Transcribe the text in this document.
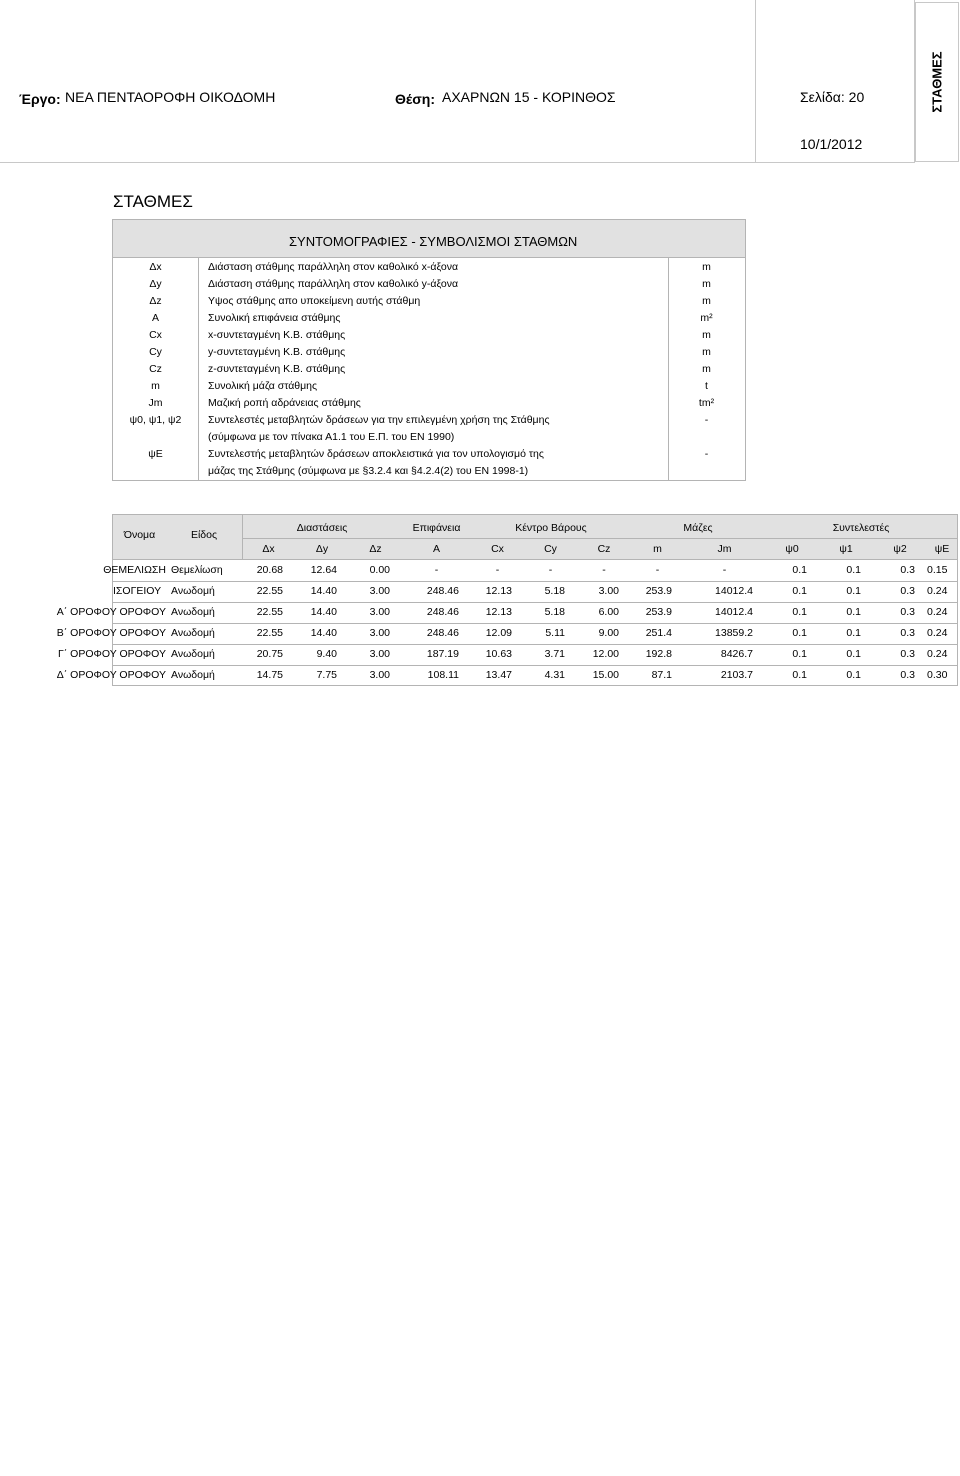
Έργο: ΝΕΑ ΠΕΝΤΑΟΡΟΦΗ ΟΙΚΟΔΟΜΗ	Θέση: ΑΧΑΡΝΩΝ 15 - ΚΟΡΙΝΘΟΣ	Σελίδα: 20
10/1/2012
ΣΤΑΘΜΕΣ
ΣΤΑΘΜΕΣ
ΣΥΝΤΟΜΟΓΡΑΦΙΕΣ - ΣΥΜΒΟΛΙΣΜΟΙ ΣΤΑΘΜΩΝ
Δx	Διάσταση στάθμης παράλληλη στον καθολικό x-άξονα	m
Δy	Διάσταση στάθμης παράλληλη στον καθολικό y-άξονα	m
Δz	Υψος στάθμης απο υποκείμενη αυτής στάθμη	m
A	Συνολική επιφάνεια στάθμης	m²
Cx	x-συντεταγμένη Κ.Β. στάθμης	m
Cy	y-συντεταγμένη Κ.Β. στάθμης	m
Cz	z-συντεταγμένη Κ.Β. στάθμης	m
m	Συνολική μάζα στάθμης	t
Jm	Μαζική ροπή αδράνειας στάθμης	tm²
ψ0, ψ1, ψ2	Συντελεστές μεταβλητών δράσεων για την επιλεγμένη χρήση της Στάθμης	-
(σύμφωνα με τον πίνακα Α1.1 του Ε.Π. του ΕΝ 1990)
ψE	Συντελεστής μεταβλητών δράσεων αποκλειστικά για τον υπολογισμό της	-
μάζας της Στάθμης (σύμφωνα με §3.2.4 και §4.2.4(2) του ΕΝ 1998-1)
Όνομα	Είδος
Διαστάσεις	Επιφάνεια	Κέντρο Βάρους	Μάζες	Συντελεστές
Δx	Δy	Δz	A	Cx	Cy	Cz	m	Jm	ψ0	ψ1	ψ2	ψE
ΘΕΜΕΛΙΩΣΗ Θεμελίωση	20.68	12.64	0.00	-	-	-	-	-	-	0.1	0.1	0.3	0.15
ΙΣΟΓΕΙΟΥ Ανωδομή	22.55	14.40	3.00	248.46	12.13	5.18	3.00	253.9	14012.4	0.1	0.1	0.3	0.24
Α΄ ΟΡΟΦΟΥ ΟΡΟΦΟΥ Ανωδομή	22.55	14.40	3.00	248.46	12.13	5.18	6.00	253.9	14012.4	0.1	0.1	0.3	0.24
Β΄ ΟΡΟΦΟΥ ΟΡΟΦΟΥ Ανωδομή	22.55	14.40	3.00	248.46	12.09	5.11	9.00	251.4	13859.2	0.1	0.1	0.3	0.24
Γ΄ ΟΡΟΦΟΥ ΟΡΟΦΟΥ Ανωδομή	20.75	9.40	3.00	187.19	10.63	3.71	12.00	192.8	8426.7	0.1	0.1	0.3	0.24
Δ΄ ΟΡΟΦΟΥ ΟΡΟΦΟΥ Ανωδομή	14.75	7.75	3.00	108.11	13.47	4.31	15.00	87.1	2103.7	0.1	0.1	0.3	0.30
